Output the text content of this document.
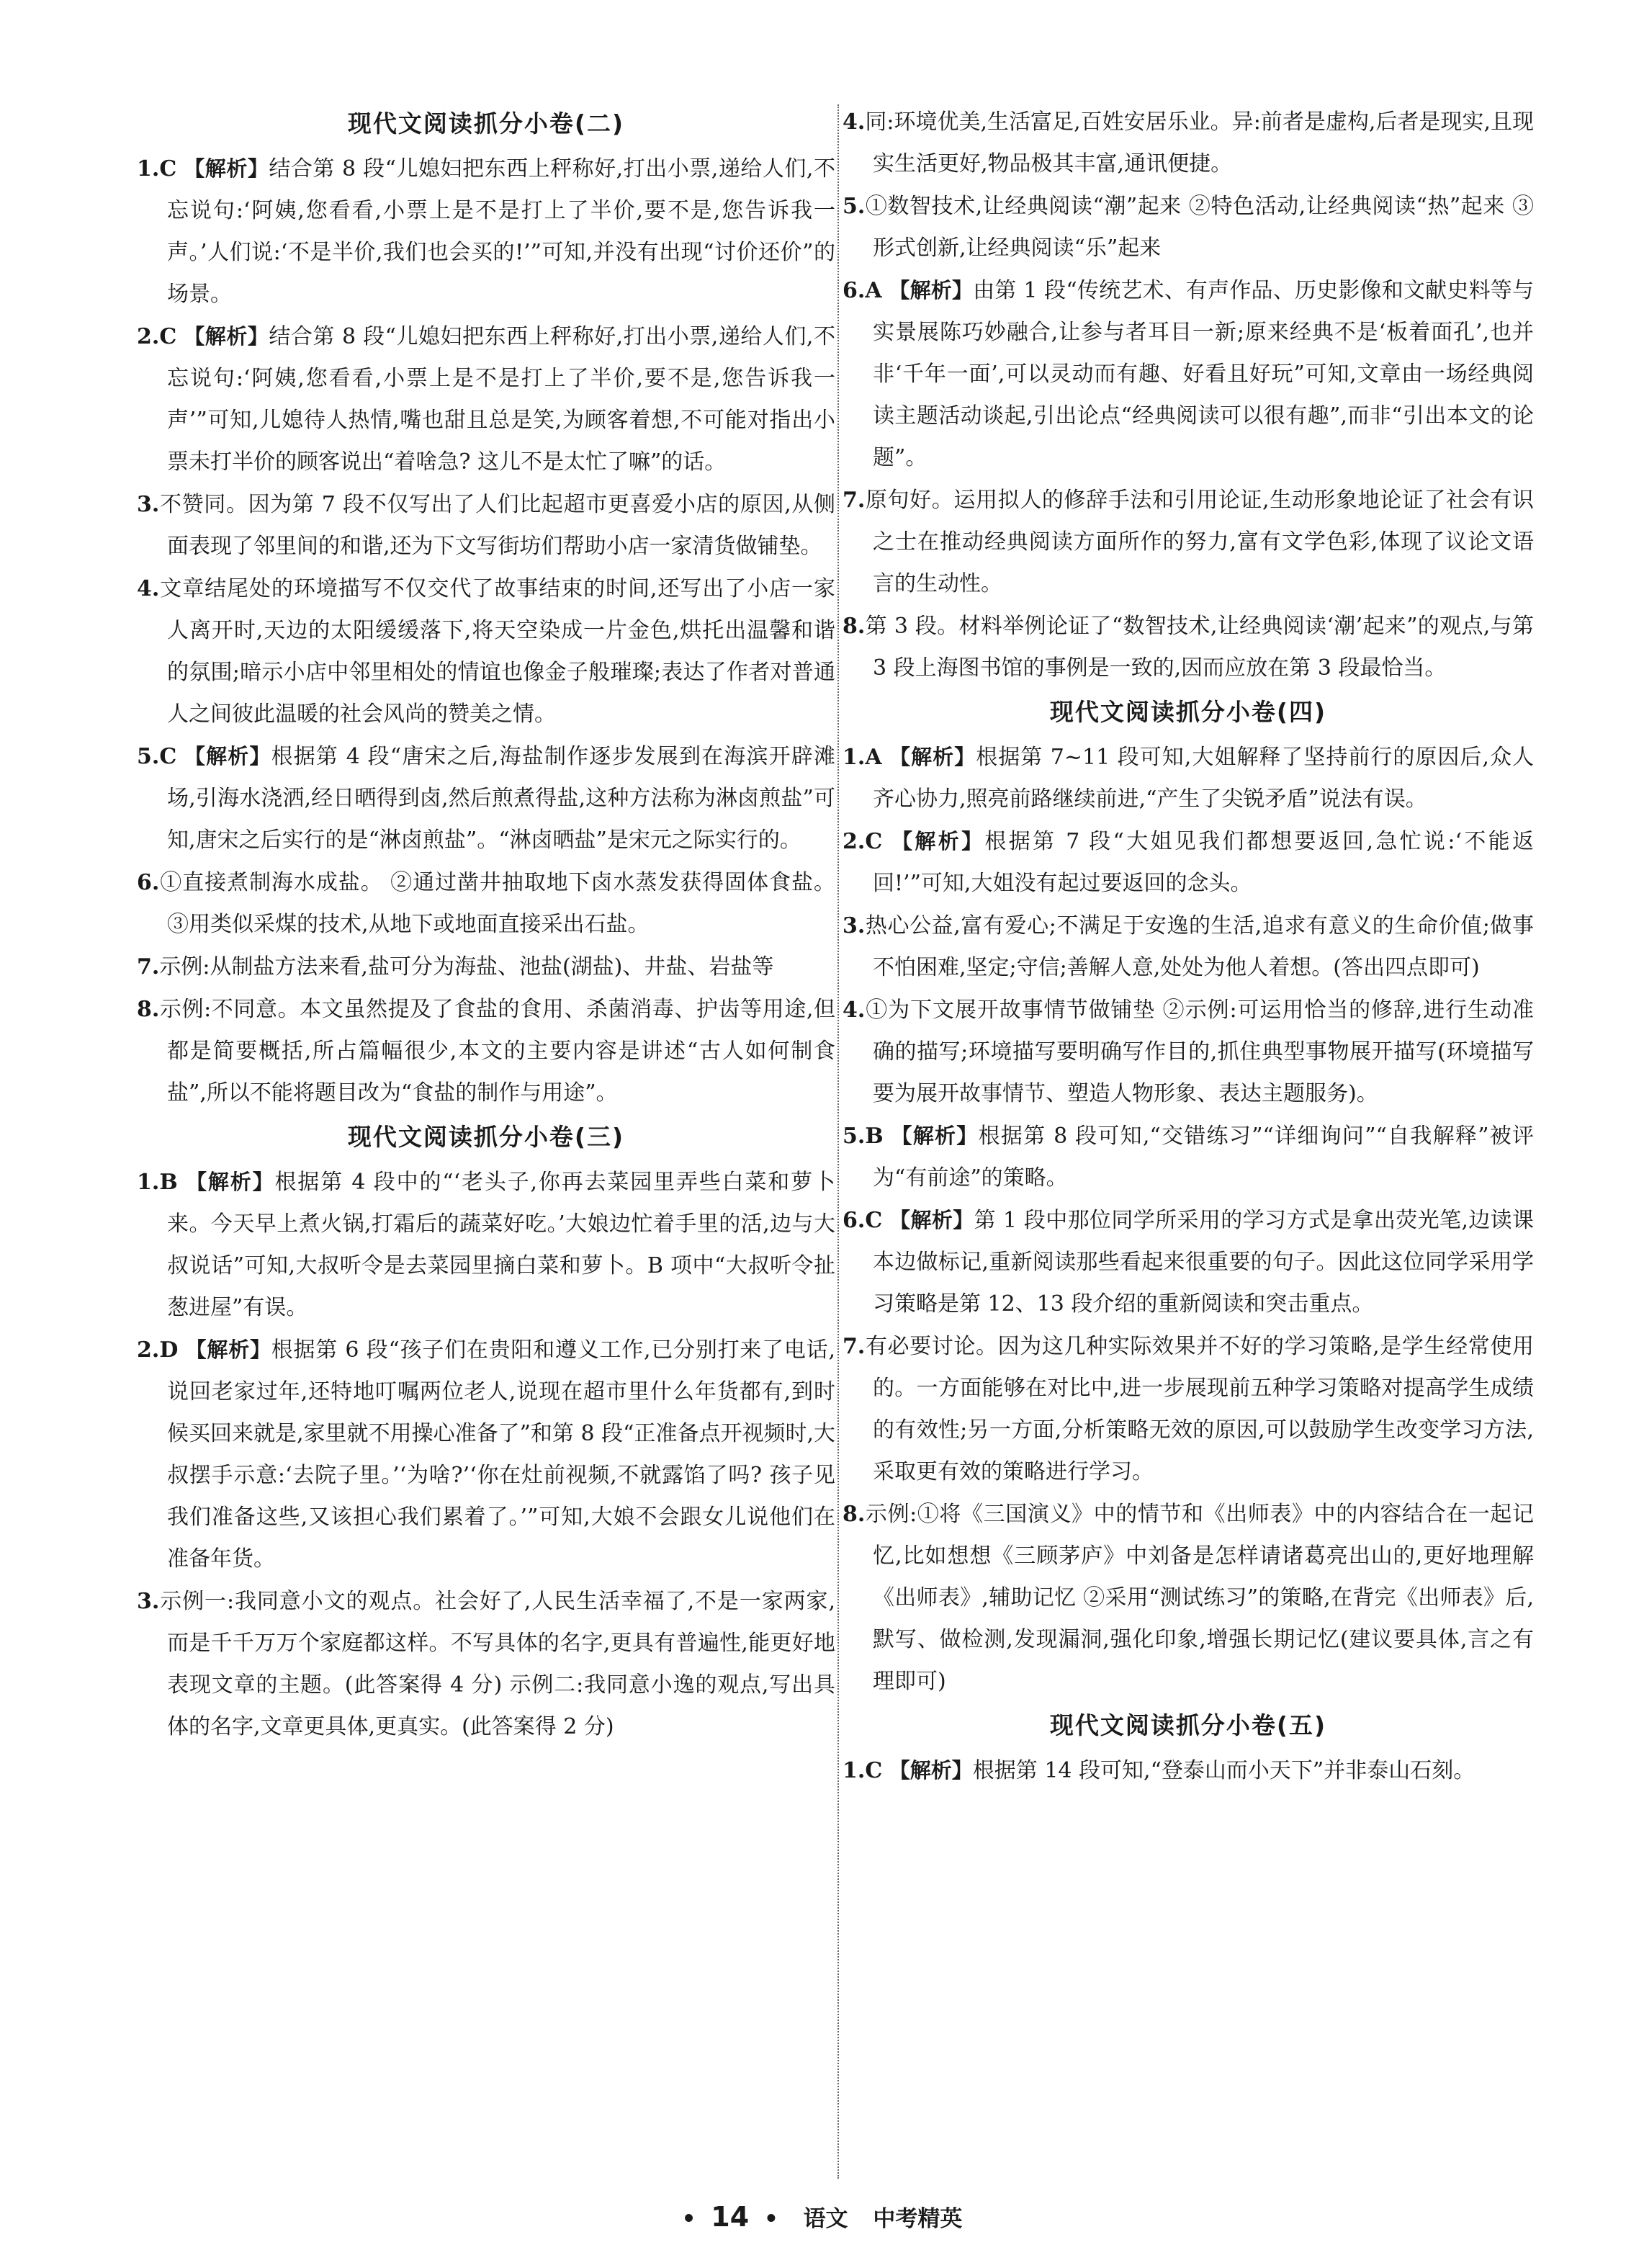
现代文阅读抓分小卷(二)

1.C 【解析】结合第 8 段“儿媳妇把东西上秤称好,打出小票,递给人们,不忘说句:‘阿姨,您看看,小票上是不是打上了半价,要不是,您告诉我一声。’人们说:‘不是半价,我们也会买的!’”可知,并没有出现“讨价还价”的场景。

2.C 【解析】结合第 8 段“儿媳妇把东西上秤称好,打出小票,递给人们,不忘说句:‘阿姨,您看看,小票上是不是打上了半价,要不是,您告诉我一声’”可知,儿媳待人热情,嘴也甜且总是笑,为顾客着想,不可能对指出小票未打半价的顾客说出“着啥急? 这儿不是太忙了嘛”的话。

3.不赞同。因为第 7 段不仅写出了人们比起超市更喜爱小店的原因,从侧面表现了邻里间的和谐,还为下文写街坊们帮助小店一家清货做铺垫。

4.文章结尾处的环境描写不仅交代了故事结束的时间,还写出了小店一家人离开时,天边的太阳缓缓落下,将天空染成一片金色,烘托出温馨和谐的氛围;暗示小店中邻里相处的情谊也像金子般璀璨;表达了作者对普通人之间彼此温暖的社会风尚的赞美之情。

5.C 【解析】根据第 4 段“唐宋之后,海盐制作逐步发展到在海滨开辟滩场,引海水浇洒,经日晒得到卤,然后煎煮得盐,这种方法称为淋卤煎盐”可知,唐宋之后实行的是“淋卤煎盐”。“淋卤晒盐”是宋元之际实行的。

6.①直接煮制海水成盐。 ②通过凿井抽取地下卤水蒸发获得固体食盐。 ③用类似采煤的技术,从地下或地面直接采出石盐。

7.示例:从制盐方法来看,盐可分为海盐、池盐(湖盐)、井盐、岩盐等

8.示例:不同意。本文虽然提及了食盐的食用、杀菌消毒、护齿等用途,但都是简要概括,所占篇幅很少,本文的主要内容是讲述“古人如何制食盐”,所以不能将题目改为“食盐的制作与用途”。

现代文阅读抓分小卷(三)

1.B 【解析】根据第 4 段中的“‘老头子,你再去菜园里弄些白菜和萝卜来。今天早上煮火锅,打霜后的蔬菜好吃。’大娘边忙着手里的活,边与大叔说话”可知,大叔听令是去菜园里摘白菜和萝卜。B 项中“大叔听令扯葱进屋”有误。

2.D 【解析】根据第 6 段“孩子们在贵阳和遵义工作,已分别打来了电话,说回老家过年,还特地叮嘱两位老人,说现在超市里什么年货都有,到时候买回来就是,家里就不用操心准备了”和第 8 段“正准备点开视频时,大叔摆手示意:‘去院子里。’‘为啥?’‘你在灶前视频,不就露馅了吗? 孩子见我们准备这些,又该担心我们累着了。’”可知,大娘不会跟女儿说他们在准备年货。

3.示例一:我同意小文的观点。社会好了,人民生活幸福了,不是一家两家,而是千千万万个家庭都这样。不写具体的名字,更具有普遍性,能更好地表现文章的主题。(此答案得 4 分) 示例二:我同意小逸的观点,写出具体的名字,文章更具体,更真实。(此答案得 2 分)

4.同:环境优美,生活富足,百姓安居乐业。异:前者是虚构,后者是现实,且现实生活更好,物品极其丰富,通讯便捷。

5.①数智技术,让经典阅读“潮”起来 ②特色活动,让经典阅读“热”起来 ③形式创新,让经典阅读“乐”起来

6.A 【解析】由第 1 段“传统艺术、有声作品、历史影像和文献史料等与实景展陈巧妙融合,让参与者耳目一新;原来经典不是‘板着面孔’,也并非‘千年一面’,可以灵动而有趣、好看且好玩”可知,文章由一场经典阅读主题活动谈起,引出论点“经典阅读可以很有趣”,而非“引出本文的论题”。

7.原句好。运用拟人的修辞手法和引用论证,生动形象地论证了社会有识之士在推动经典阅读方面所作的努力,富有文学色彩,体现了议论文语言的生动性。

8.第 3 段。材料举例论证了“数智技术,让经典阅读‘潮’起来”的观点,与第 3 段上海图书馆的事例是一致的,因而应放在第 3 段最恰当。

现代文阅读抓分小卷(四)

1.A 【解析】根据第 7~11 段可知,大姐解释了坚持前行的原因后,众人齐心协力,照亮前路继续前进,“产生了尖锐矛盾”说法有误。

2.C 【解析】根据第 7 段“大姐见我们都想要返回,急忙说:‘不能返回!’”可知,大姐没有起过要返回的念头。

3.热心公益,富有爱心;不满足于安逸的生活,追求有意义的生命价值;做事不怕困难,坚定;守信;善解人意,处处为他人着想。(答出四点即可)

4.①为下文展开故事情节做铺垫 ②示例:可运用恰当的修辞,进行生动准确的描写;环境描写要明确写作目的,抓住典型事物展开描写(环境描写要为展开故事情节、塑造人物形象、表达主题服务)。

5.B 【解析】根据第 8 段可知,“交错练习”“详细询问”“自我解释”被评为“有前途”的策略。

6.C 【解析】第 1 段中那位同学所采用的学习方式是拿出荧光笔,边读课本边做标记,重新阅读那些看起来很重要的句子。因此这位同学采用学习策略是第 12、13 段介绍的重新阅读和突击重点。

7.有必要讨论。因为这几种实际效果并不好的学习策略,是学生经常使用的。一方面能够在对比中,进一步展现前五种学习策略对提高学生成绩的有效性;另一方面,分析策略无效的原因,可以鼓励学生改变学习方法,采取更有效的策略进行学习。

8.示例:①将《三国演义》中的情节和《出师表》中的内容结合在一起记忆,比如想想《三顾茅庐》中刘备是怎样请诸葛亮出山的,更好地理解《出师表》,辅助记忆 ②采用“测试练习”的策略,在背完《出师表》后,默写、做检测,发现漏洞,强化印象,增强长期记忆(建议要具体,言之有理即可)

现代文阅读抓分小卷(五)

1.C 【解析】根据第 14 段可知,“登泰山而小天下”并非泰山石刻。

• 14 • 语文 中考精英
